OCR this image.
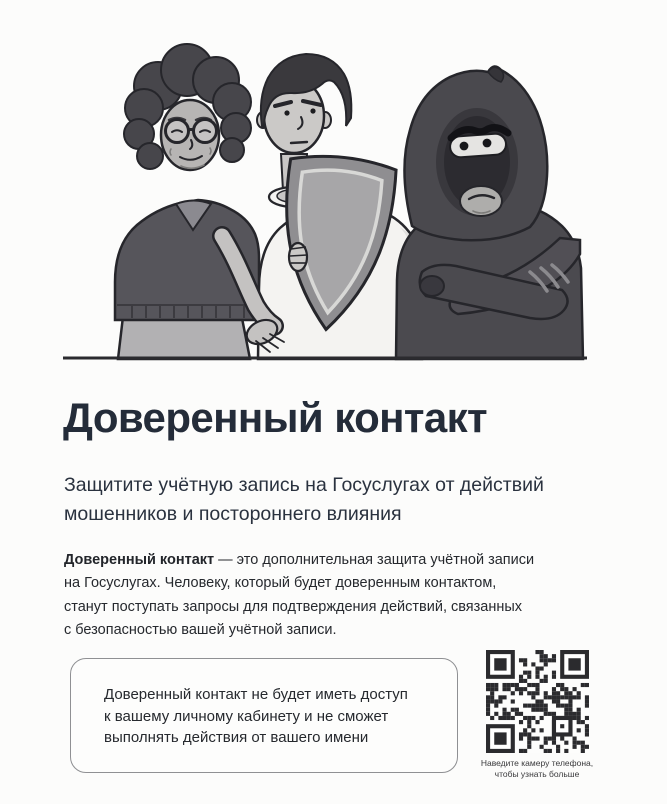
Доверенный контакт
Защитите учётную запись на Госуслугах от действий
мошенников и постороннего влияния
Доверенный контакт — это дополнительная защита учётной записи
на Госуслугах. Человеку, который будет доверенным контактом,
станут поступать запросы для подтверждения действий, связанных
с безопасностью вашей учётной записи.
Доверенный контакт не будет иметь доступ
к вашему личному кабинету и не сможет
выполнять действия от вашего имени
Наведите камеру телефона,
чтобы узнать больше
